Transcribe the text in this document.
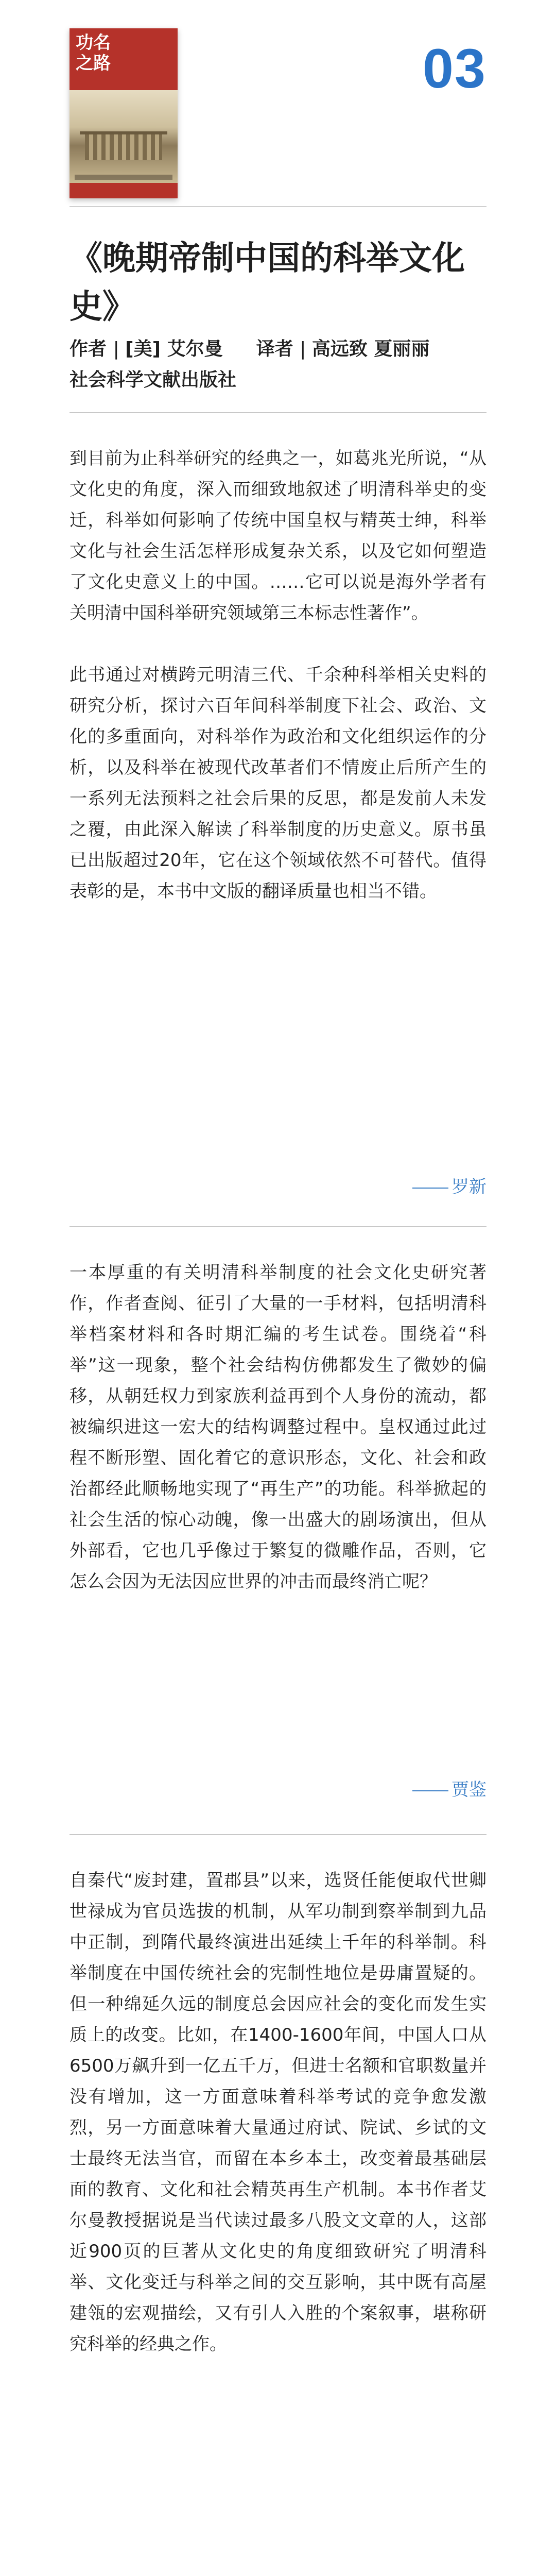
功名
之路	03
《晚期帝制中国的科举文化史》
作者 | [美] 艾尔曼 译者 | 高远致 夏丽丽
社会科学文献出版社

到目前为止科举研究的经典之一，如葛兆光所说，“从文化史的角度，深入而细致地叙述了明清科举史的变迁，科举如何影响了传统中国皇权与精英士绅，科举文化与社会生活怎样形成复杂关系，以及它如何塑造了文化史意义上的中国。……它可以说是海外学者有关明清中国科举研究领域第三本标志性著作”。

此书通过对横跨元明清三代、千余种科举相关史料的研究分析，探讨六百年间科举制度下社会、政治、文化的多重面向，对科举作为政治和文化组织运作的分析，以及科举在被现代改革者们不情废止后所产生的一系列无法预料之社会后果的反思，都是发前人未发之覆，由此深入解读了科举制度的历史意义。原书虽已出版超过20年，它在这个领域依然不可替代。值得表彰的是，本书中文版的翻译质量也相当不错。

罗新

一本厚重的有关明清科举制度的社会文化史研究著作，作者查阅、征引了大量的一手材料，包括明清科举档案材料和各时期汇编的考生试卷。围绕着“科举”这一现象，整个社会结构仿佛都发生了微妙的偏移，从朝廷权力到家族利益再到个人身份的流动，都被编织进这一宏大的结构调整过程中。皇权通过此过程不断形塑、固化着它的意识形态，文化、社会和政治都经此顺畅地实现了“再生产”的功能。科举掀起的社会生活的惊心动魄，像一出盛大的剧场演出，但从外部看，它也几乎像过于繁复的微雕作品，否则，它怎么会因为无法因应世界的冲击而最终消亡呢？

贾鉴

自秦代“废封建，置郡县”以来，选贤任能便取代世卿世禄成为官员选拔的机制，从军功制到察举制到九品中正制，到隋代最终演进出延续上千年的科举制。科举制度在中国传统社会的宪制性地位是毋庸置疑的。但一种绵延久远的制度总会因应社会的变化而发生实质上的改变。比如，在1400-1600年间，中国人口从6500万飙升到一亿五千万，但进士名额和官职数量并没有增加，这一方面意味着科举考试的竞争愈发激烈，另一方面意味着大量通过府试、院试、乡试的文士最终无法当官，而留在本乡本土，改变着最基础层面的教育、文化和社会精英再生产机制。本书作者艾尔曼教授据说是当代读过最多八股文文章的人，这部近900页的巨著从文化史的角度细致研究了明清科举、文化变迁与科举之间的交互影响，其中既有高屋建瓴的宏观描绘，又有引人入胜的个案叙事，堪称研究科举的经典之作。
